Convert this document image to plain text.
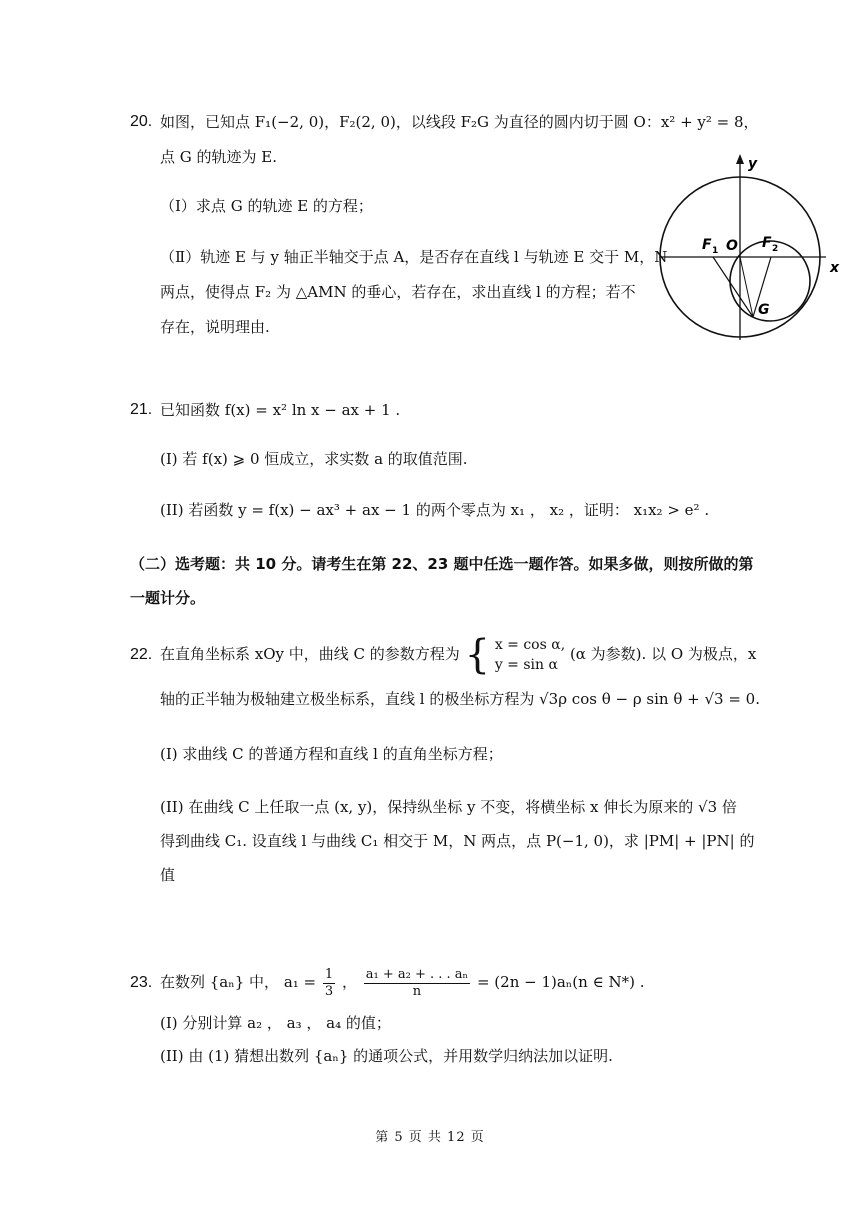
20. 如图，已知点 F₁(−2, 0)，F₂(2, 0)，以线段 F₂G 为直径的圆内切于圆 O：x² + y² = 8，
点 G 的轨迹为 E.
（Ⅰ）求点 G 的轨迹 E 的方程；
（Ⅱ）轨迹 E 与 y 轴正半轴交于点 A，是否存在直线 l 与轨迹 E 交于 M，N
两点，使得点 F₂ 为 △AMN 的垂心，若存在，求出直线 l 的方程；若不
存在，说明理由.
y
x
F 1 O F 2
G
21. 已知函数 f(x) = x² ln x − ax + 1 .
(I) 若 f(x) ⩾ 0 恒成立，求实数 a 的取值范围.
(II) 若函数 y = f(x) − ax³ + ax − 1 的两个零点为 x₁ ， x₂ ，证明： x₁x₂ > e² .
（二）选考题：共 10 分。请考生在第 22、23 题中任选一题作答。如果多做，则按所做的第
一题计分。
22. 在直角坐标系 xOy 中，曲线 C 的参数方程为 { x = cos α,
y = sin α
(α 为参数). 以 O 为极点，x
轴的正半轴为极轴建立极坐标系，直线 l 的极坐标方程为 √3ρ cos θ − ρ sin θ + √3 = 0.
(I) 求曲线 C 的普通方程和直线 l 的直角坐标方程；
(II) 在曲线 C 上任取一点 (x, y)，保持纵坐标 y 不变，将横坐标 x 伸长为原来的 √3 倍
得到曲线 C₁. 设直线 l 与曲线 C₁ 相交于 M，N 两点，点 P(−1, 0)，求 |PM| + |PN| 的
值
23. 在数列 {aₙ} 中， $a_1 = \frac{1}{3}$ ， $\frac{\text{a₁ + a₂ + . . . aₙ}}{n} = (2n - 1)a_n(n$ ∈ N*) .
(I) 分别计算 a₂ ， a₃ ， a₄ 的值；
(II) 由 (1) 猜想出数列 {aₙ} 的通项公式，并用数学归纳法加以证明.
第 5 页 共 12 页
